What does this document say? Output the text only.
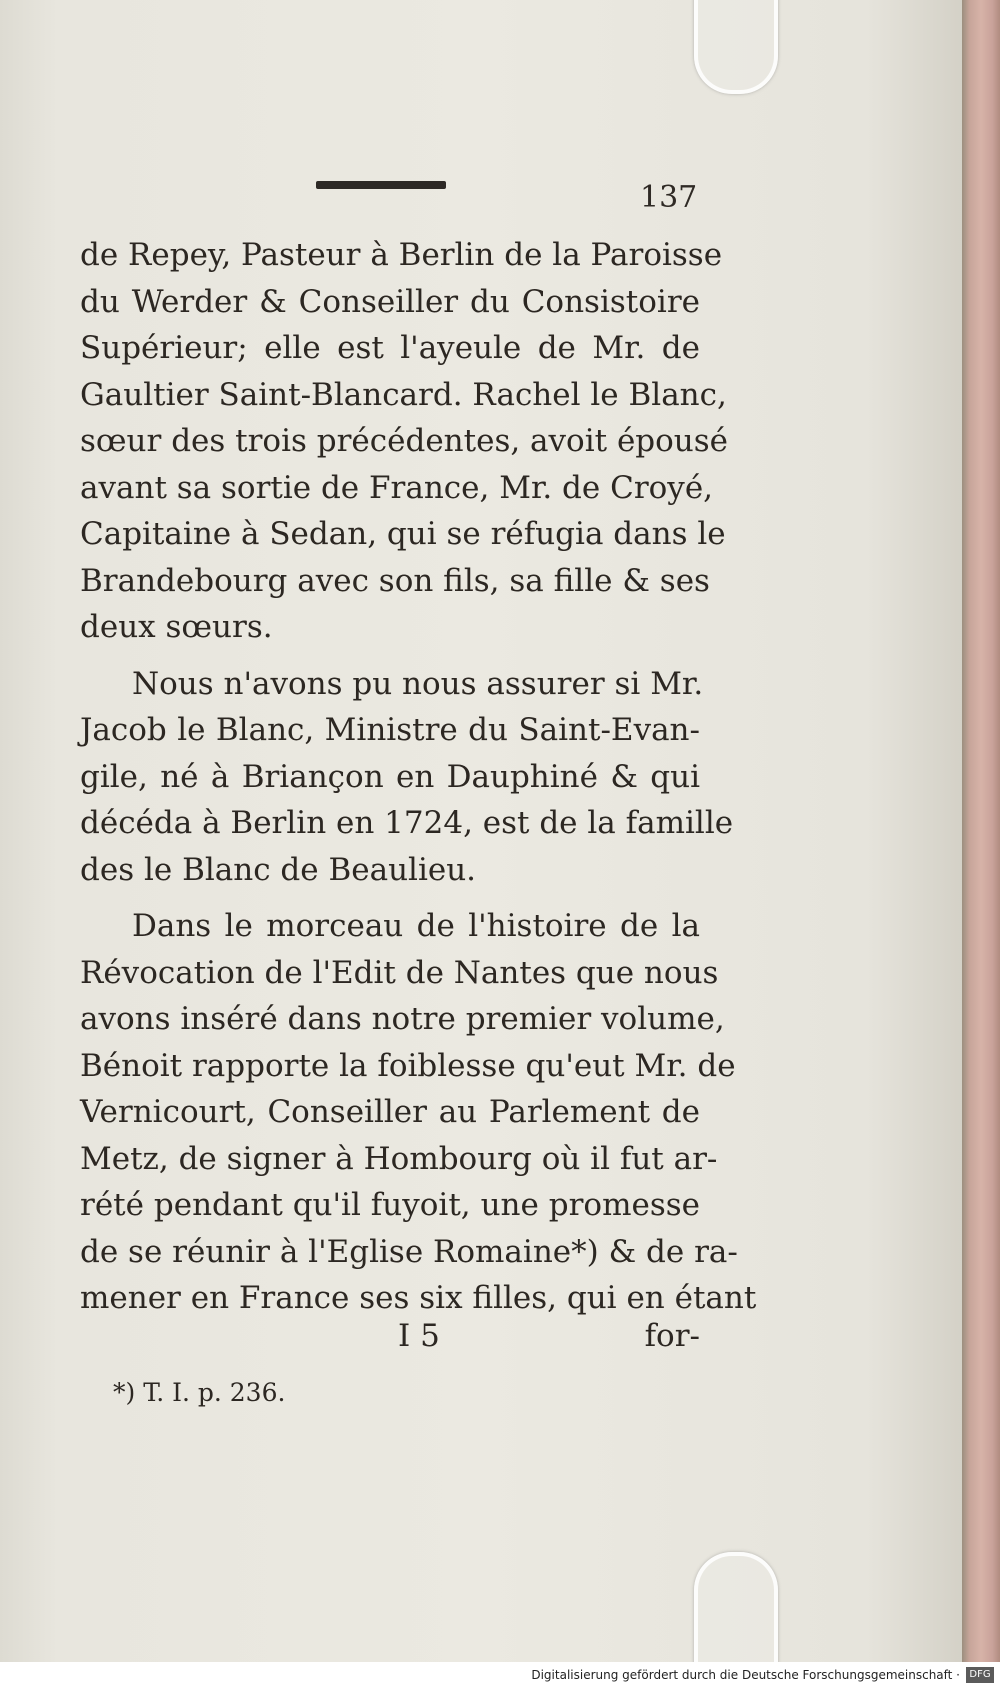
137
de Repey, Pasteur à Berlin de la Paroisse
du Werder & Conseiller du Consistoire
Supérieur; elle est l'ayeule de Mr. de
Gaultier Saint-Blancard. Rachel le Blanc,
sœur des trois précédentes, avoit épousé
avant sa sortie de France, Mr. de Croyé,
Capitaine à Sedan, qui se réfugia dans le
Brandebourg avec son fils, sa fille & ses
deux sœurs.
Nous n'avons pu nous assurer si Mr.
Jacob le Blanc, Ministre du Saint-Evan-
gile, né à Briançon en Dauphiné & qui
décéda à Berlin en 1724, est de la famille
des le Blanc de Beaulieu.
Dans le morceau de l'histoire de la
Révocation de l'Edit de Nantes que nous
avons inséré dans notre premier volume,
Bénoit rapporte la foiblesse qu'eut Mr. de
Vernicourt, Conseiller au Parlement de
Metz, de signer à Hombourg où il fut ar-
rété pendant qu'il fuyoit, une promesse
de se réunir à l'Eglise Romaine*) & de ra-
mener en France ses six filles, qui en étant
I 5	for-
*) T. I. p. 236.
Digitalisierung gefördert durch die Deutsche Forschungsgemeinschaft · DFG
